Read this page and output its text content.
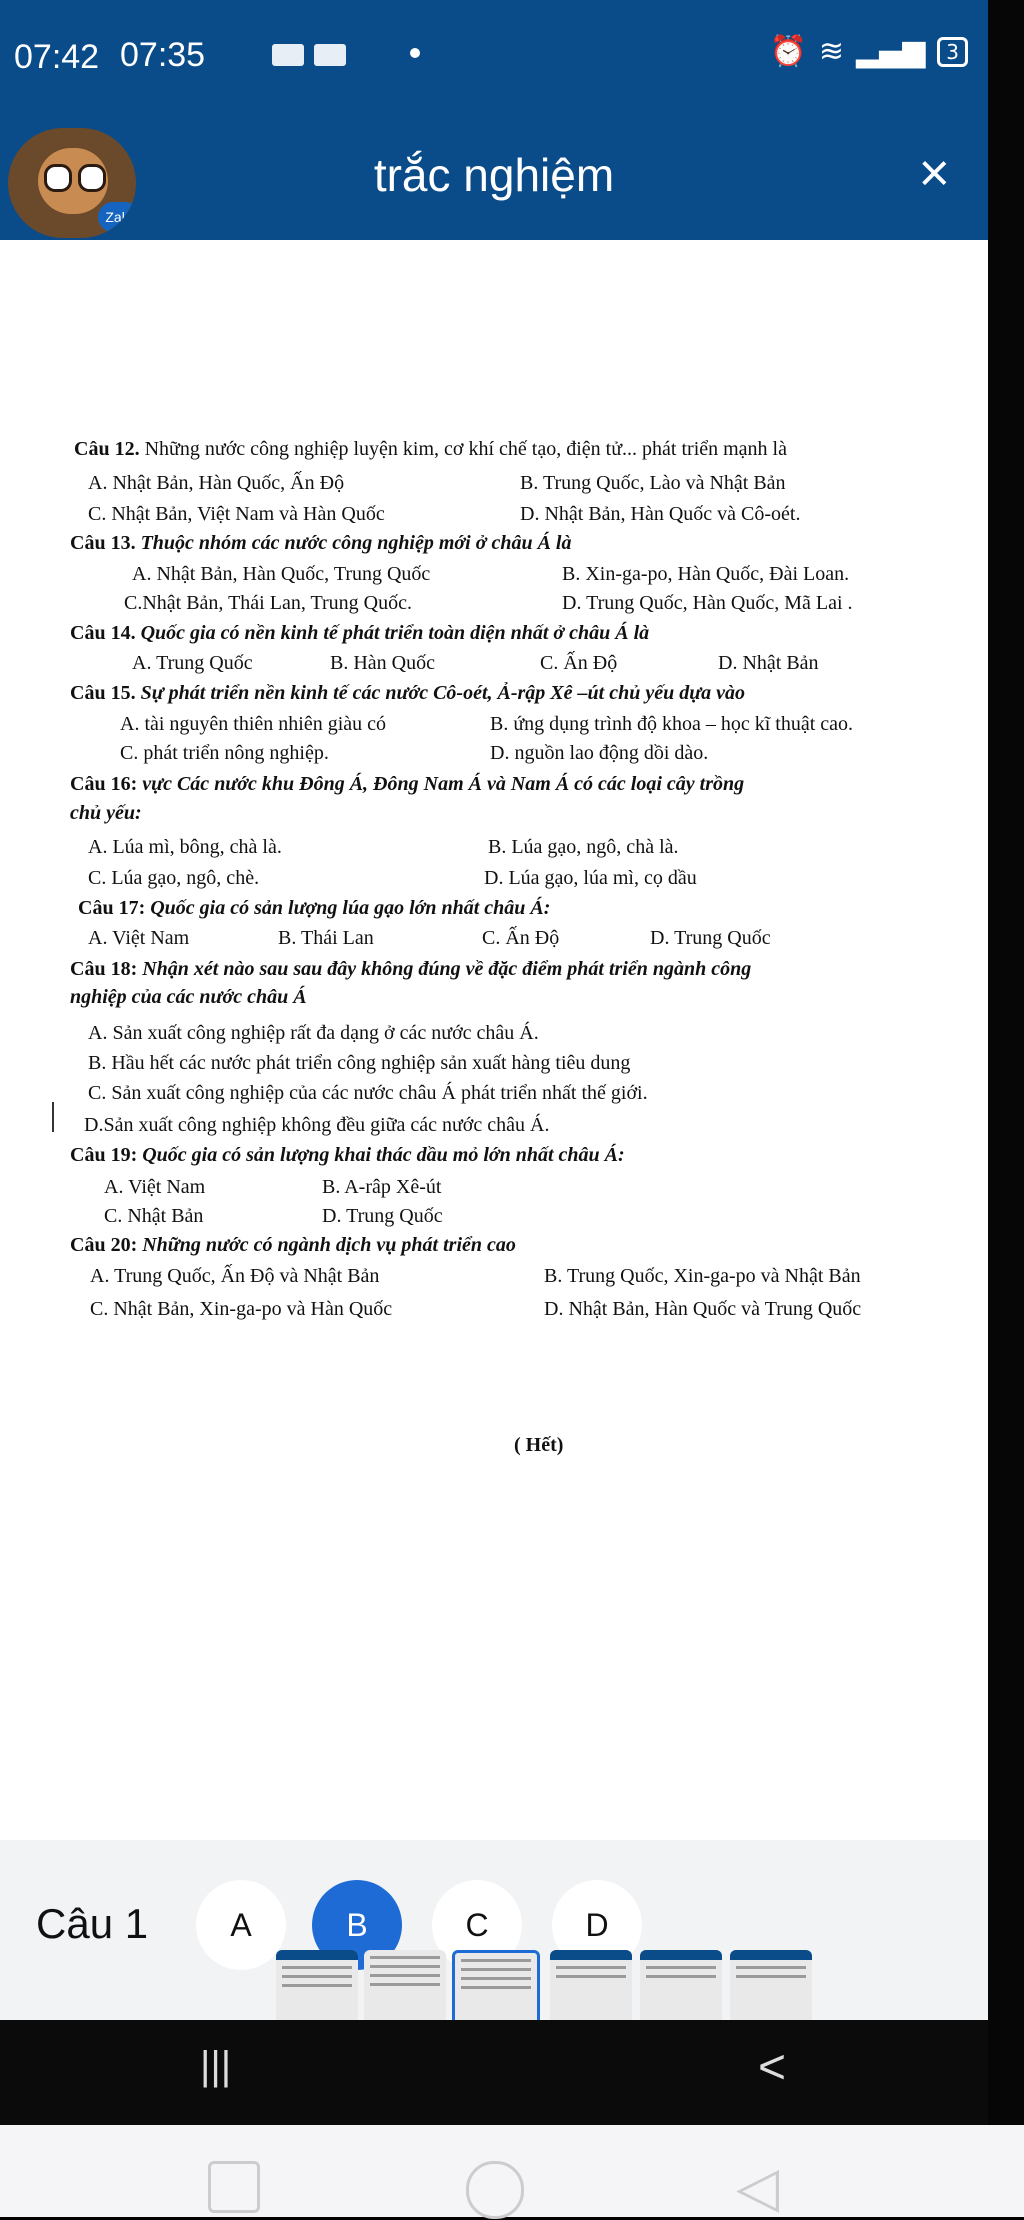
07:42 07:35	⏰ ≋ ▂▄▆	3
Zalo
trắc nghiệm	×
Câu 12. Những nước công nghiệp luyện kim, cơ khí chế tạo, điện tử... phát triển mạnh là
A. Nhật Bản, Hàn Quốc, Ấn Độ	B. Trung Quốc, Lào và Nhật Bản
C. Nhật Bản, Việt Nam và Hàn Quốc	D. Nhật Bản, Hàn Quốc và Cô-oét.
Câu 13. Thuộc nhóm các nước công nghiệp mới ở châu Á là
A. Nhật Bản, Hàn Quốc, Trung Quốc	B. Xin-ga-po, Hàn Quốc, Đài Loan.
C.Nhật Bản, Thái Lan, Trung Quốc.	D. Trung Quốc, Hàn Quốc, Mã Lai .
Câu 14. Quốc gia có nền kinh tế phát triển toàn diện nhất ở châu Á là
A. Trung Quốc	B. Hàn Quốc	C. Ấn Độ	D. Nhật Bản
Câu 15. Sự phát triển nền kinh tế các nước Cô-oét, Ả-rập Xê –út chủ yếu dựa vào
A. tài nguyên thiên nhiên giàu có	B. ứng dụng trình độ khoa – học kĩ thuật cao.
C. phát triển nông nghiệp.	D. nguồn lao động dồi dào.
Câu 16: vực Các nước khu Đông Á, Đông Nam Á và Nam Á có các loại cây trồng
chủ yếu:
A. Lúa mì, bông, chà là.	B. Lúa gạo, ngô, chà là.
C. Lúa gạo, ngô, chè.	D. Lúa gạo, lúa mì, cọ dầu
Câu 17: Quốc gia có sản lượng lúa gạo lớn nhất châu Á:
A. Việt Nam	B. Thái Lan	C. Ấn Độ	D. Trung Quốc
Câu 18: Nhận xét nào sau sau đây không đúng về đặc điểm phát triển ngành công
nghiệp của các nước châu Á
A. Sản xuất công nghiệp rất đa dạng ở các nước châu Á.
B. Hầu hết các nước phát triển công nghiệp sản xuất hàng tiêu dung
C. Sản xuất công nghiệp của các nước châu Á phát triển nhất thế giới.
D.Sản xuất công nghiệp không đều giữa các nước châu Á.
Câu 19: Quốc gia có sản lượng khai thác dầu mỏ lớn nhất châu Á:
A. Việt Nam	B. A-râp Xê-út
C. Nhật Bản	D. Trung Quốc
Câu 20: Những nước có ngành dịch vụ phát triển cao
A. Trung Quốc, Ấn Độ và Nhật Bản	B. Trung Quốc, Xin-ga-po và Nhật Bản
C. Nhật Bản, Xin-ga-po và Hàn Quốc	D. Nhật Bản, Hàn Quốc và Trung Quốc
( Hết)
Câu 1	A	B	C	D
|||	<
◁
